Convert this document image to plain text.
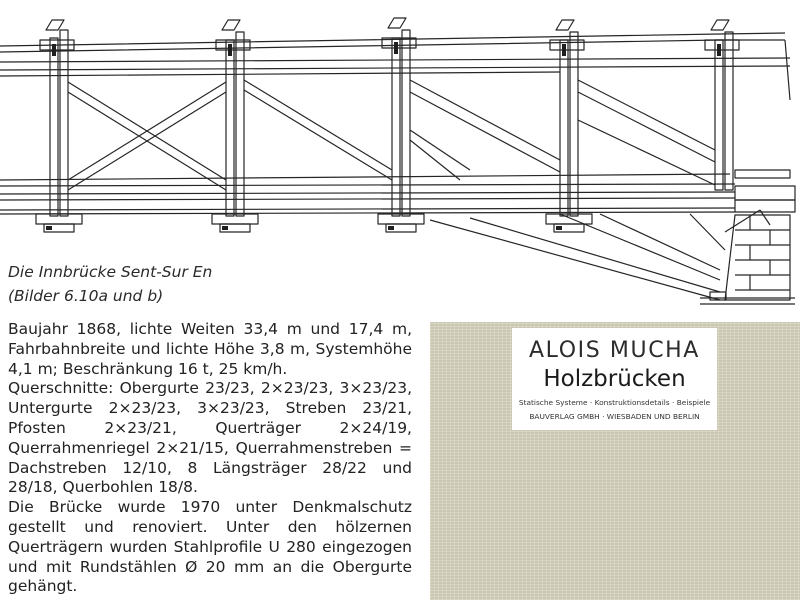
Die Innbrücke Sent-Sur En
(Bilder 6.10a und b)

Baujahr 1868, lichte Weiten 33,4 m und 17,4 m, Fahrbahnbreite und lichte Höhe 3,8 m, Systemhöhe 4,1 m; Beschränkung 16 t, 25 km/h.

Querschnitte: Obergurte 23/23, 2×23/23, 3×23/23, Untergurte 2×23/23, 3×23/23, Streben 23/21, Pfosten 2×23/21, Querträger 2×24/19, Querrahmenriegel 2×21/15, Querrahmenstreben = Dachstreben 12/10, 8 Längsträger 28/22 und 28/18, Querbohlen 18/8.

Die Brücke wurde 1970 unter Denkmalschutz gestellt und renoviert. Unter den hölzernen Querträgern wurden Stahlprofile U 280 eingezogen und mit Rundstählen Ø 20 mm an die Obergurte gehängt.

ALOIS MUCHA
Holzbrücken
Statische Systeme · Konstruktionsdetails · Beispiele
BAUVERLAG GMBH · WIESBADEN UND BERLIN
